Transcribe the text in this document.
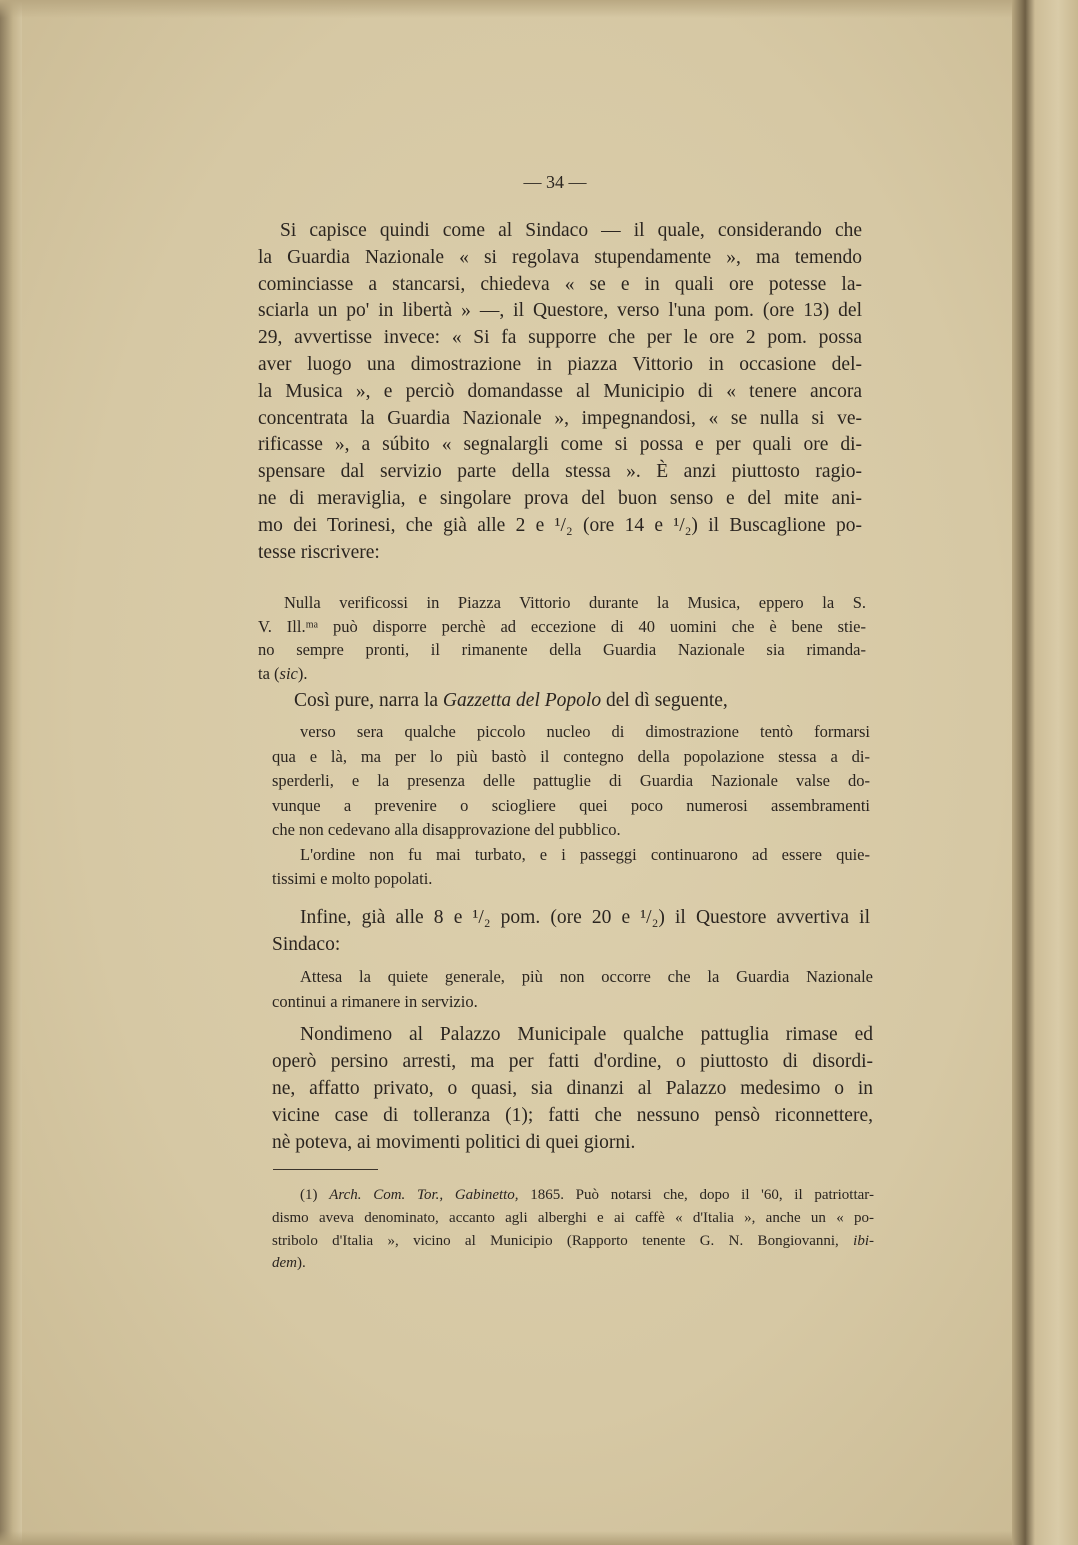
— 34 —
Si capisce quindi come al Sindaco — il quale, considerando che
la Guardia Nazionale « si regolava stupendamente », ma temendo
cominciasse a stancarsi, chiedeva « se e in quali ore potesse la-
sciarla un po' in libertà » —, il Questore, verso l'una pom. (ore 13) del
29, avvertisse invece: « Si fa supporre che per le ore 2 pom. possa
aver luogo una dimostrazione in piazza Vittorio in occasione del-
la Musica », e perciò domandasse al Municipio di « tenere ancora
concentrata la Guardia Nazionale », impegnandosi, « se nulla si ve-
rificasse », a súbito « segnalargli come si possa e per quali ore di-
spensare dal servizio parte della stessa ». È anzi piuttosto ragio-
ne di meraviglia, e singolare prova del buon senso e del mite ani-
mo dei Torinesi, che già alle 2 e ¹/₂ (ore 14 e ¹/₂) il Buscaglione po-
tesse riscrivere:
Nulla verificossi in Piazza Vittorio durante la Musica, eppero la S.
V. Ill.ᵐᵃ può disporre perchè ad eccezione di 40 uomini che è bene stie-
no sempre pronti, il rimanente della Guardia Nazionale sia rimanda-
ta (sic).
Così pure, narra la Gazzetta del Popolo del dì seguente,
verso sera qualche piccolo nucleo di dimostrazione tentò formarsi
qua e là, ma per lo più bastò il contegno della popolazione stessa a di-
sperderli, e la presenza delle pattuglie di Guardia Nazionale valse do-
vunque a prevenire o sciogliere quei poco numerosi assembramenti
che non cedevano alla disapprovazione del pubblico.
L'ordine non fu mai turbato, e i passeggi continuarono ad essere quie-
tissimi e molto popolati.
Infine, già alle 8 e ¹/₂ pom. (ore 20 e ¹/₂) il Questore avvertiva il
Sindaco:
Attesa la quiete generale, più non occorre che la Guardia Nazionale
continui a rimanere in servizio.
Nondimeno al Palazzo Municipale qualche pattuglia rimase ed
operò persino arresti, ma per fatti d'ordine, o piuttosto di disordi-
ne, affatto privato, o quasi, sia dinanzi al Palazzo medesimo o in
vicine case di tolleranza (1); fatti che nessuno pensò riconnettere,
nè poteva, ai movimenti politici di quei giorni.
(1) Arch. Com. Tor., Gabinetto, 1865. Può notarsi che, dopo il '60, il patriottar-
dismo aveva denominato, accanto agli alberghi e ai caffè « d'Italia », anche un « po-
stribolo d'Italia », vicino al Municipio (Rapporto tenente G. N. Bongiovanni, ibi-
dem).
